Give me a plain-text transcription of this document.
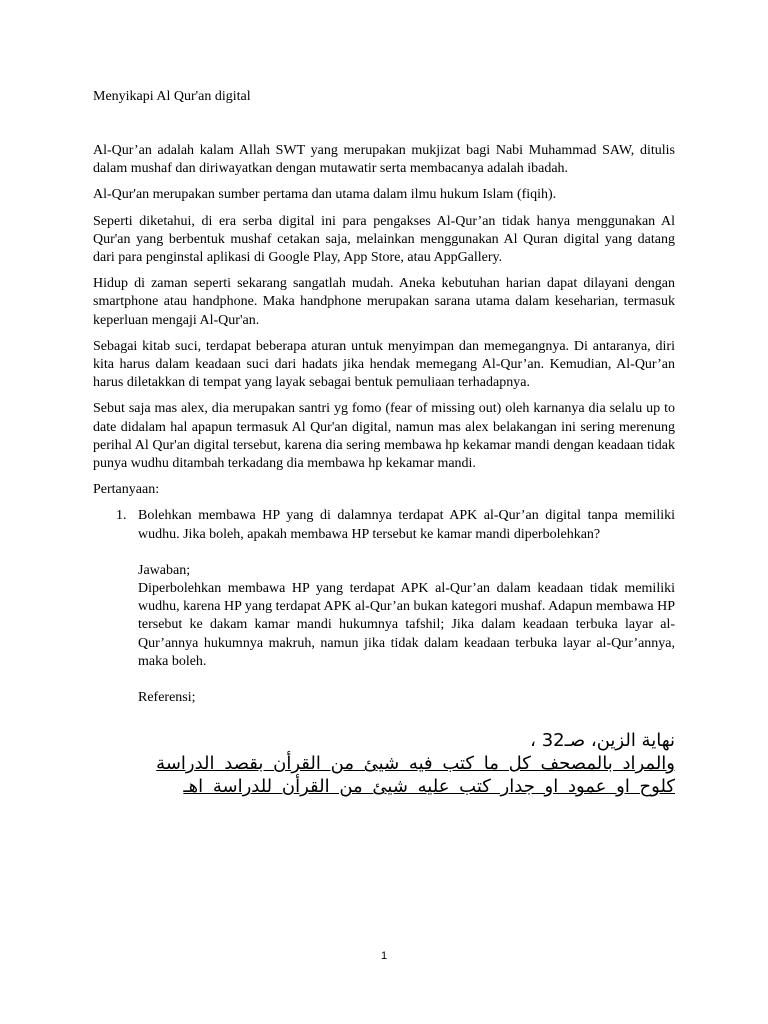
Menyikapi Al Qur'an digital

Al-Qur’an adalah kalam Allah SWT yang merupakan mukjizat bagi Nabi Muhammad SAW, ditulis dalam mushaf dan diriwayatkan dengan mutawatir serta membacanya adalah ibadah.

Al-Qur'an merupakan sumber pertama dan utama dalam ilmu hukum Islam (fiqih).

Seperti diketahui, di era serba digital ini para pengakses Al-Qur’an tidak hanya menggunakan Al Qur'an yang berbentuk mushaf cetakan saja, melainkan menggunakan Al Quran digital yang datang dari para penginstal aplikasi di Google Play, App Store, atau AppGallery.

Hidup di zaman seperti sekarang sangatlah mudah. Aneka kebutuhan harian dapat dilayani dengan smartphone atau handphone. Maka handphone merupakan sarana utama dalam keseharian, termasuk keperluan mengaji Al-Qur'an.

Sebagai kitab suci, terdapat beberapa aturan untuk menyimpan dan memegangnya. Di antaranya, diri kita harus dalam keadaan suci dari hadats jika hendak memegang Al-Qur’an. Kemudian, Al-Qur’an harus diletakkan di tempat yang layak sebagai bentuk pemuliaan terhadapnya.

Sebut saja mas alex, dia merupakan santri yg fomo (fear of missing out) oleh karnanya dia selalu up to date didalam hal apapun termasuk Al Qur'an digital, namun mas alex belakangan ini sering merenung perihal Al Qur'an digital tersebut, karena dia sering membawa hp kekamar mandi dengan keadaan tidak punya wudhu ditambah terkadang dia membawa hp kekamar mandi.

Pertanyaan:

1. Bolehkan membawa HP yang di dalamnya terdapat APK al-Qur’an digital tanpa memiliki wudhu. Jika boleh, apakah membawa HP tersebut ke kamar mandi diperbolehkan?
Jawaban;
Diperbolehkan membawa HP yang terdapat APK al-Qur’an dalam keadaan tidak memiliki wudhu, karena HP yang terdapat APK al-Qur’an bukan kategori mushaf. Adapun membawa HP tersebut ke dakam kamar mandi hukumnya tafshil; Jika dalam keadaan terbuka layar al-Qur’annya hukumnya makruh, namun jika tidak dalam keadaan terbuka layar al-Qur’annya, maka boleh.
Referensi;
نهاية الزين، صـ32 ،
والمراد بالمصحف كل ما كتب فيه شيئ من القرأن بقصد الدراسة كلوح او عمود او جدار كتب عليه شيئ من القرأن للدراسة اهـ
1
